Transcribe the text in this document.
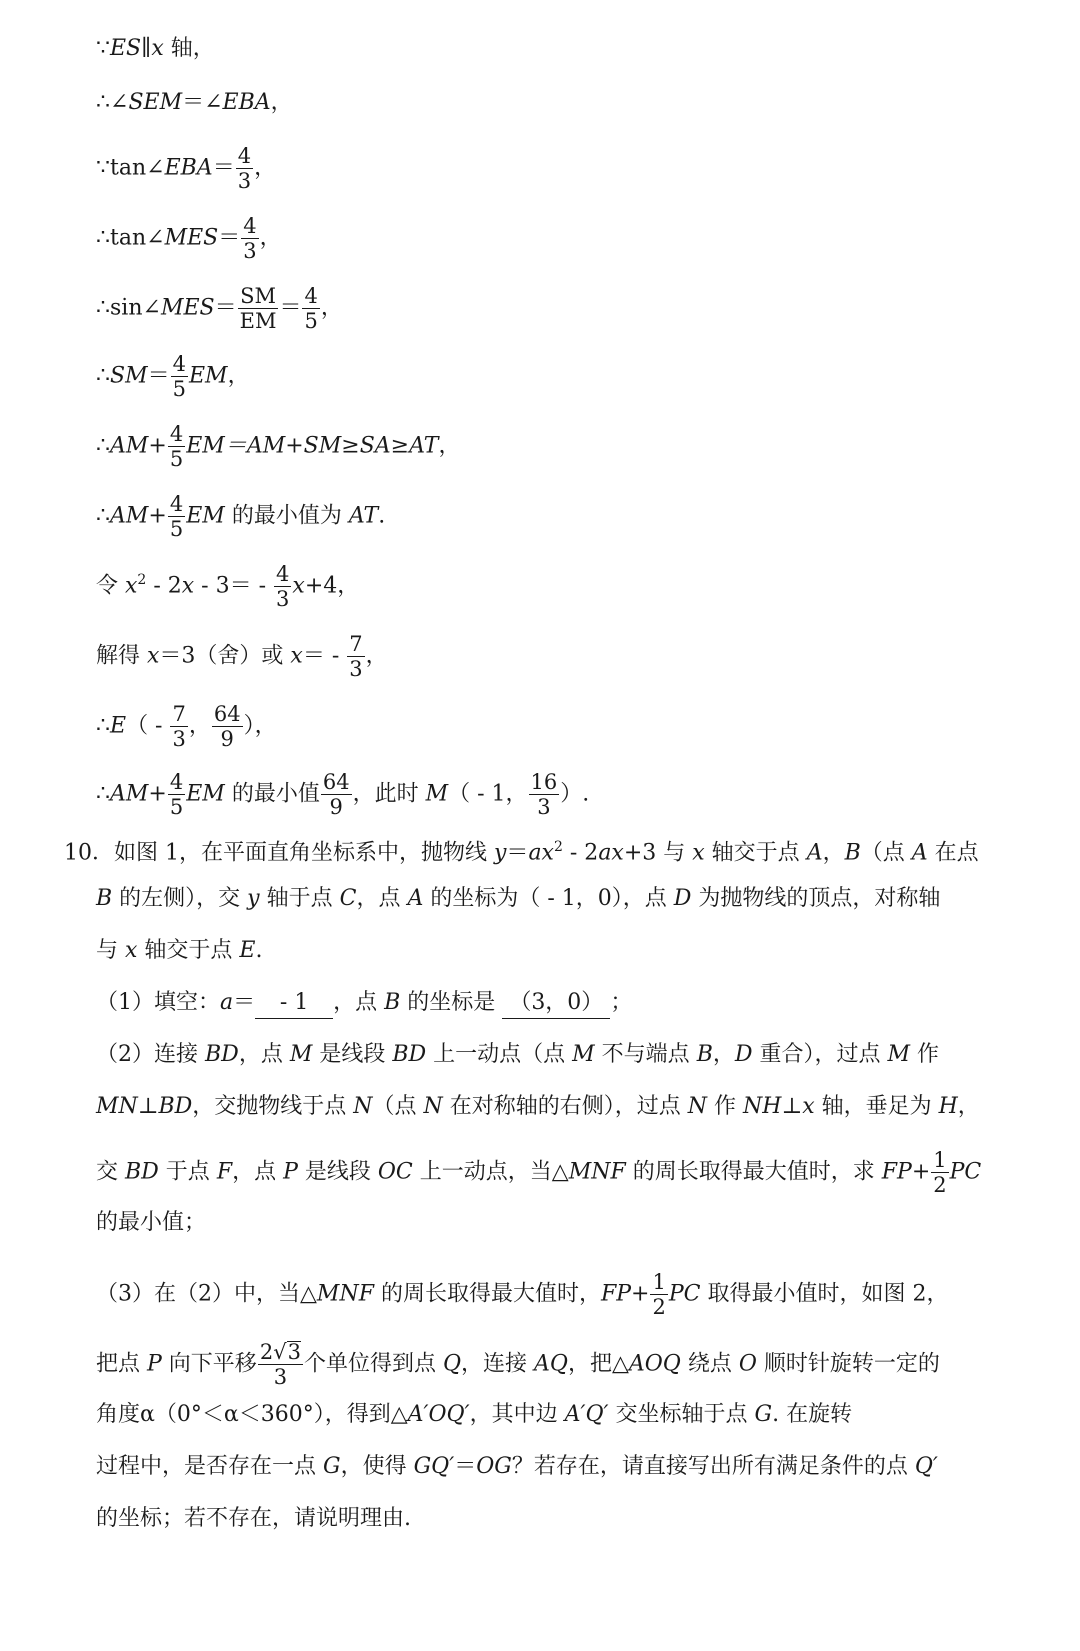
∵ES∥x 轴，
∴∠SEM＝∠EBA，
∵tan∠EBA＝ $\frac{4}{3}$ ，
∴tan∠MES＝ $\frac{4}{3}$ ，
∴sin∠MES＝ $\frac{SM}{EM} = \frac{4}{5}$ ，
∴SM＝ $\frac{4}{5}$ EM，
∴AM+ $\frac{4}{5} EM=AM+SM\ge SA\ge AT$，
∴AM+ $\frac{4}{5}$ EM 的最小值为 AT.
令 $x^2 - 2x - 3= - \frac{4}{3} x+4$，
解得 x＝3（舍）或 $x= - \frac{7}{3}$ ，
∴E（ - $\frac{7}{3}$ ， $\frac{64}{9}$ ），
∴AM+ $\frac{4}{5}$ EM 的最小值 $\frac{64}{9}$ ，此时 M（ - 1， $\frac{16}{3}$ ）.
10．如图 1，在平面直角坐标系中，抛物线 $y=ax^2 - 2ax+3$ 与 x 轴交于点 A，B（点 A 在点
B 的左侧），交 y 轴于点 C，点 A 的坐标为（ - 1，0），点 D 为抛物线的顶点，对称轴
与 x 轴交于点 E.
（1）填空：a＝ - 1 ，点 B 的坐标是 （3，0） ；
（2）连接 BD，点 M 是线段 BD 上一动点（点 M 不与端点 B，D 重合），过点 M 作
MN⊥BD，交抛物线于点 N（点 N 在对称轴的右侧），过点 N 作 NH⊥x 轴，垂足为 H，
交 BD 于点 F，点 P 是线段 OC 上一动点，当△MNF 的周长取得最大值时，求 $FP+ \frac{1}{2}$ PC
的最小值；
（3）在（2）中，当△MNF 的周长取得最大值时，$FP+ \frac{1}{2}$ PC 取得最小值时，如图 2，
把点 P 向下平移 $\frac{2√3}{3}$ 个单位得到点 Q，连接 AQ，把△AOQ 绕点 O 顺时针旋转一定的
角度α（0°＜α＜360°），得到△A′OQ′，其中边 A′Q′ 交坐标轴于点 G. 在旋转
过程中，是否存在一点 G，使得 GQ′＝OG？若存在，请直接写出所有满足条件的点 Q′
的坐标；若不存在，请说明理由.
